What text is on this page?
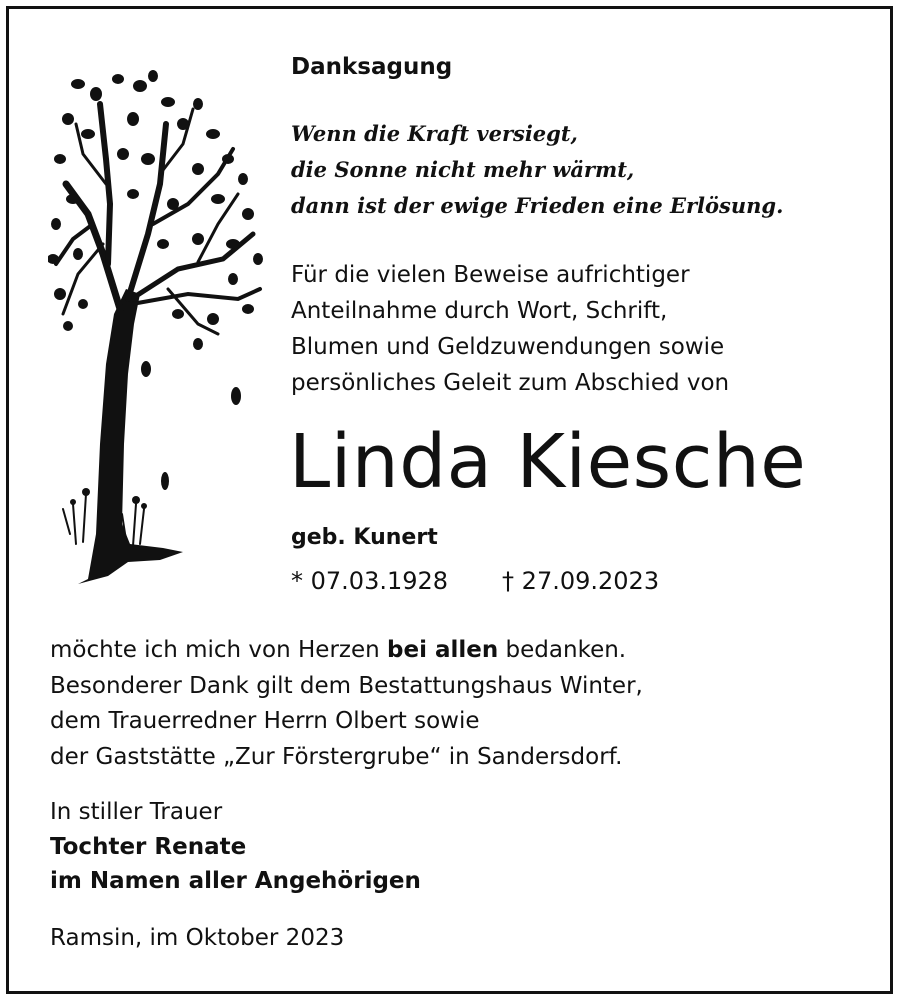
Danksagung
Wenn die Kraft versiegt,
die Sonne nicht mehr wärmt,
dann ist der ewige Frieden eine Erlösung.
Für die vielen Beweise aufrichtiger
Anteilnahme durch Wort, Schrift,
Blumen und Geldzuwendungen sowie
persönliches Geleit zum Abschied von
Linda Kiesche
geb. Kunert
* 07.03.1928 † 27.09.2023
möchte ich mich von Herzen bei allen bedanken.
Besonderer Dank gilt dem Bestattungshaus Winter,
dem Trauerredner Herrn Olbert sowie
der Gaststätte „Zur Förstergrube“ in Sandersdorf.
In stiller Trauer
Tochter Renate
im Namen aller Angehörigen
Ramsin, im Oktober 2023
